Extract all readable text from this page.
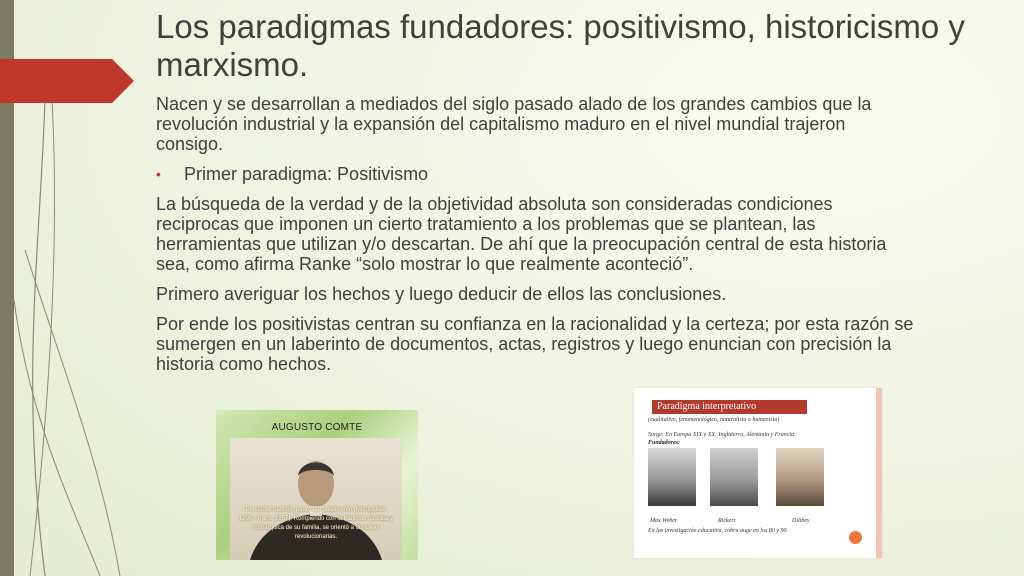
Los paradigmas fundadores: positivismo, historicismo y marxismo.

Nacen y se desarrollan a mediados del siglo pasado alado de los grandes cambios que la revolución industrial y la expansión del capitalismo maduro en el nivel mundial trajeron consigo.

• Primer paradigma: Positivismo

La búsqueda de la verdad y de la objetividad absoluta son consideradas condiciones reciprocas que imponen un cierto tratamiento a los problemas que se plantean, las herramientas que utilizan y/o descartan. De ahí que la preocupación central de esta historia sea, como afirma Ranke “solo mostrar lo que realmente aconteció”.

Primero averiguar los hechos y luego deducir de ellos las conclusiones.

Por ende los positivistas centran su confianza en la racionalidad y la certeza; por esta razón se sumergen en un laberinto de documentos, actas, registros y luego enuncian con precisión la historia como hechos.

AUGUSTO COMTE
Pensador francés, padre del positivismo (Montpellier, 1798 - París, 1857). Rompiendo con la tradición católica y monárquica de su familia, se orientó a las ideas revolucionarias.
Paradigma interpretativo
(cualitativo, fenomenológico, naturalista o humanista)
Surge: En Europa XIX y XX: Inglaterra, Alemania y Francia.
Fundadores:
Max Weber	Rickert	Dilthey
En las investigación educativa, cobra auge en los 80 y 90.
